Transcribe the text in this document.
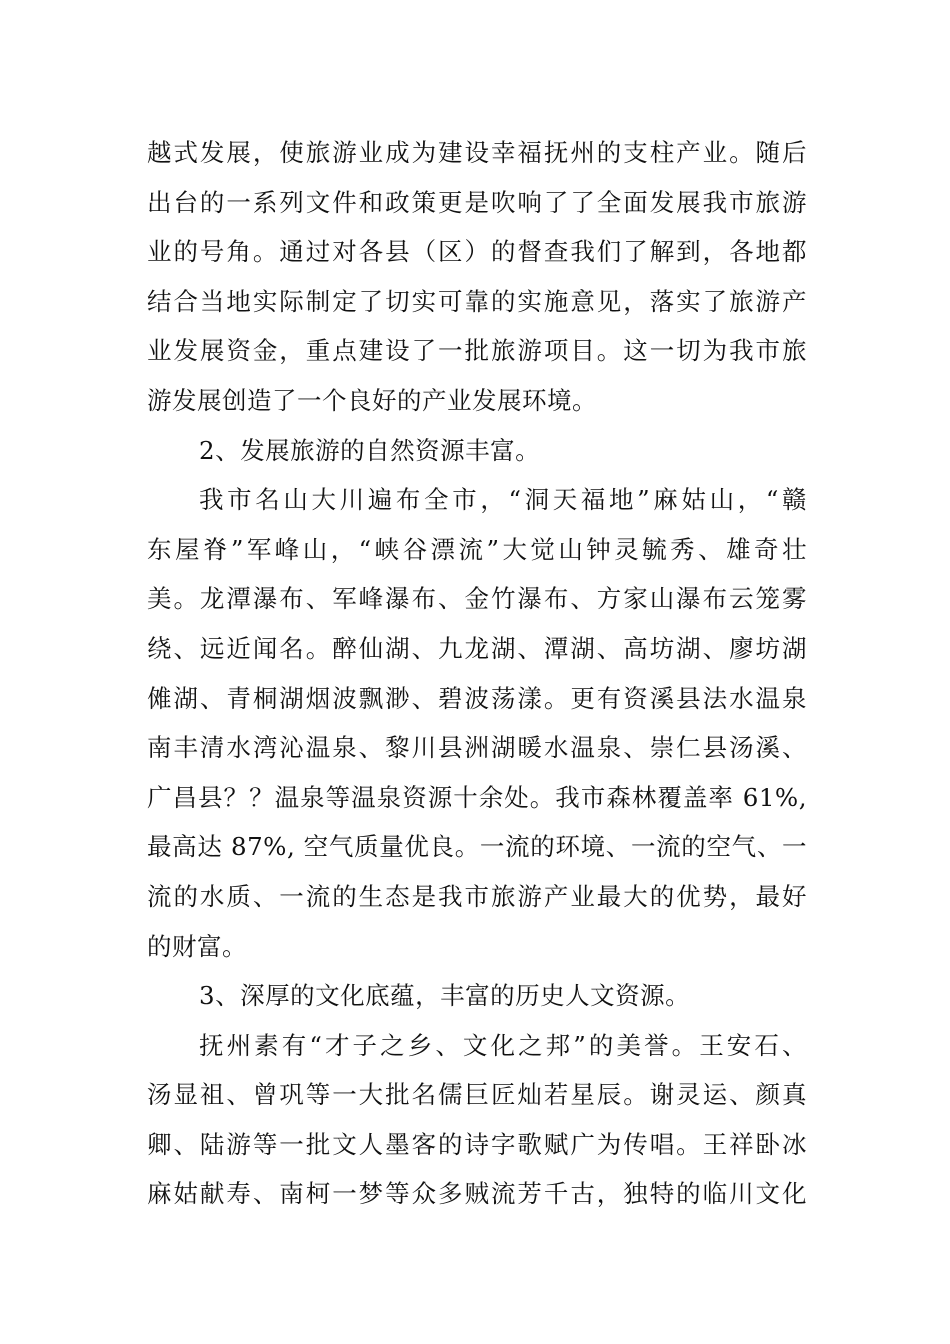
越式发展，使旅游业成为建设幸福抚州的支柱产业。随后
出台的一系列文件和政策更是吹响了了全面发展我市旅游
业的号角。通过对各县（区）的督查我们了解到，各地都
结合当地实际制定了切实可靠的实施意见，落实了旅游产
业发展资金，重点建设了一批旅游项目。这一切为我市旅
游发展创造了一个良好的产业发展环境。
2、发展旅游的自然资源丰富。
我市名山大川遍布全市，“洞天福地”麻姑山，“赣
东屋脊”军峰山，“峡谷漂流”大觉山钟灵毓秀、雄奇壮
美。龙潭瀑布、军峰瀑布、金竹瀑布、方家山瀑布云笼雾
绕、远近闻名。醉仙湖、九龙湖、潭湖、高坊湖、廖坊湖
傩湖、青桐湖烟波飘渺、碧波荡漾。更有资溪县法水温泉
南丰清水湾沁温泉、黎川县洲湖暖水温泉、崇仁县汤溪、
广昌县？？温泉等温泉资源十余处。我市森林覆盖率 61%,
最高达 87%, 空气质量优良。一流的环境、一流的空气、一
流的水质、一流的生态是我市旅游产业最大的优势，最好
的财富。
3、深厚的文化底蕴，丰富的历史人文资源。
抚州素有“才子之乡、文化之邦”的美誉。王安石、
汤显祖、曾巩等一大批名儒巨匠灿若星辰。谢灵运、颜真
卿、陆游等一批文人墨客的诗字歌赋广为传唱。王祥卧冰
麻姑献寿、南柯一梦等众多贼流芳千古，独特的临川文化
